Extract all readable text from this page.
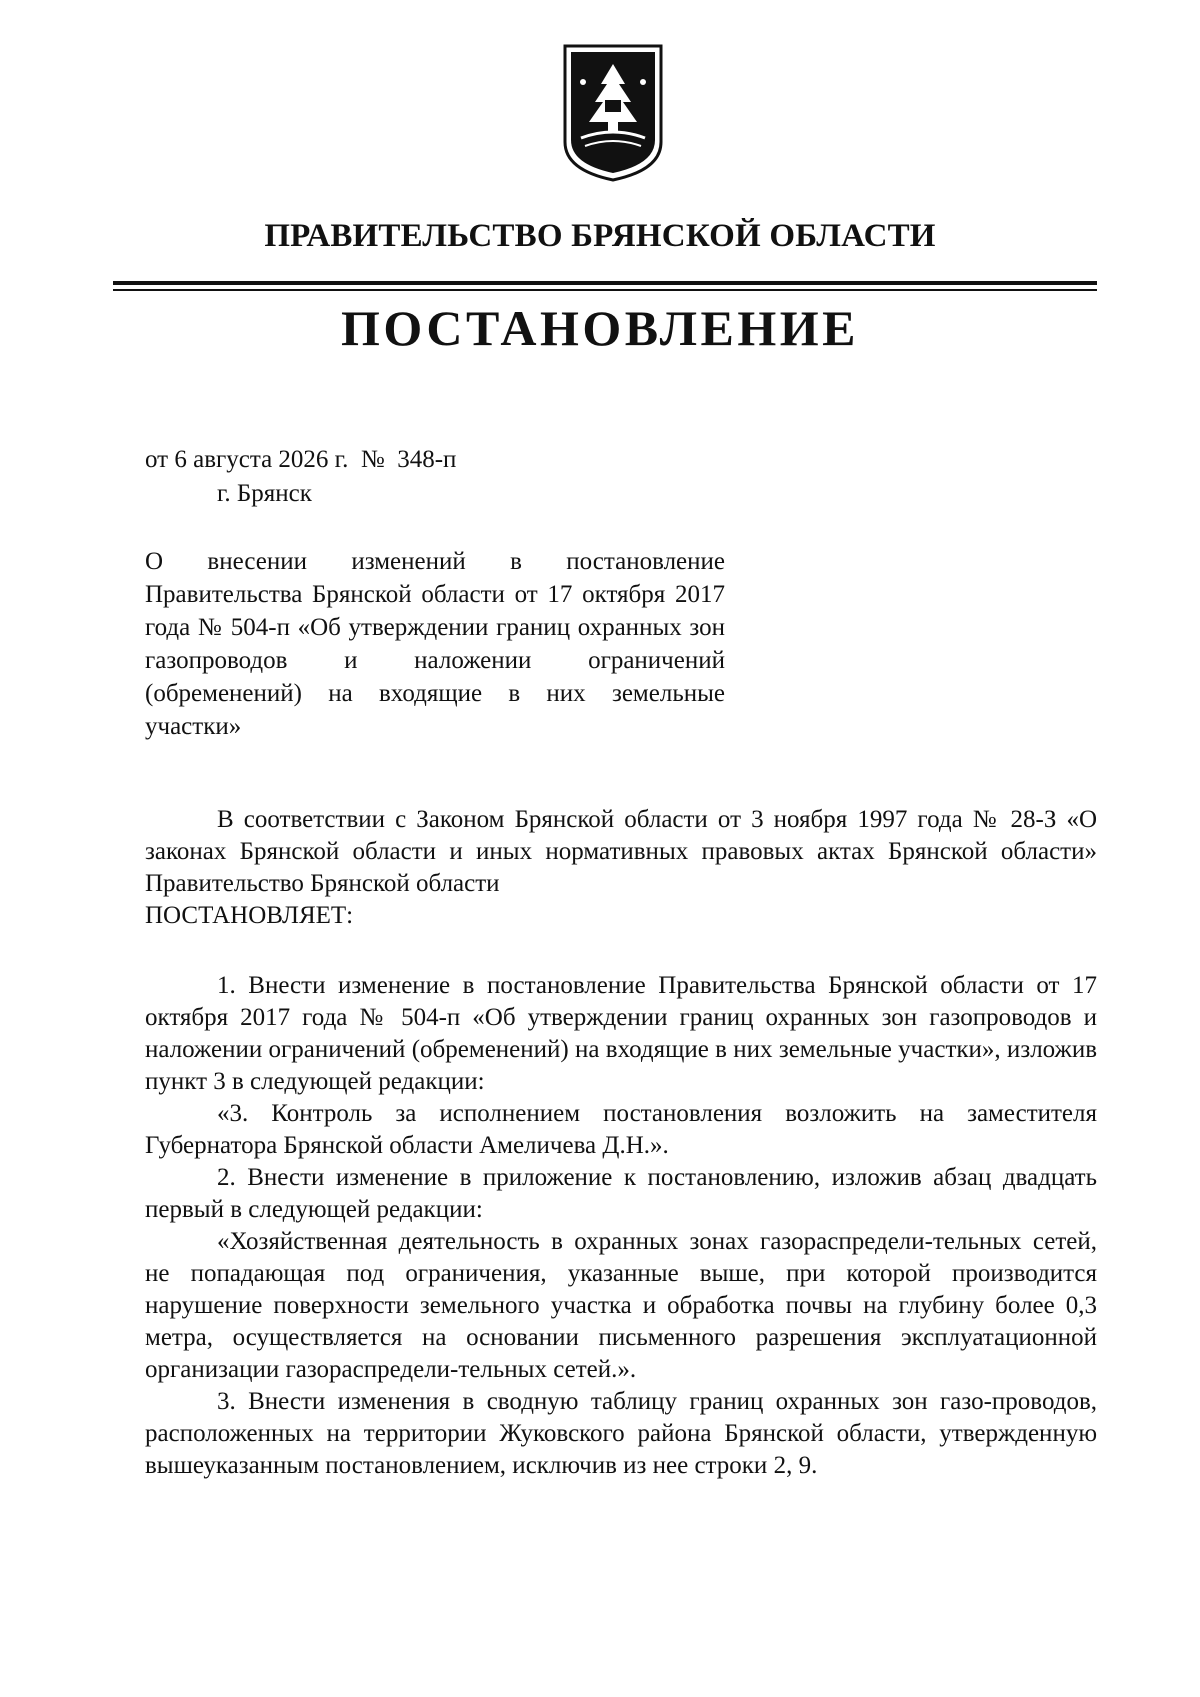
ПРАВИТЕЛЬСТВО БРЯНСКОЙ ОБЛАСТИ
ПОСТАНОВЛЕНИЕ
от 6 августа 2026 г.  №  348-п
г. Брянск
О внесении изменений в постановление Правительства Брянской области от 17 октября 2017 года № 504-п «Об утверждении границ охранных зон газопроводов и наложении ограничений (обременений) на входящие в них земельные участки»

В соответствии с Законом Брянской области от 3 ноября 1997 года № 28-З «О законах Брянской области и иных нормативных правовых актах Брянской области» Правительство Брянской области

ПОСТАНОВЛЯЕТ:

1. Внести изменение в постановление Правительства Брянской области от 17 октября 2017 года № 504-п «Об утверждении границ охранных зон газопроводов и наложении ограничений (обременений) на входящие в них земельные участки», изложив пункт 3 в следующей редакции:

«3. Контроль за исполнением постановления возложить на заместителя Губернатора Брянской области Амеличева Д.Н.».

2. Внести изменение в приложение к постановлению, изложив абзац двадцать первый в следующей редакции:

«Хозяйственная деятельность в охранных зонах газораспредели-тельных сетей, не попадающая под ограничения, указанные выше, при которой производится нарушение поверхности земельного участка и обработка почвы на глубину более 0,3 метра, осуществляется на основании письменного разрешения эксплуатационной организации газораспредели-тельных сетей.».

3. Внести изменения в сводную таблицу границ охранных зон газо-проводов, расположенных на территории Жуковского района Брянской области, утвержденную вышеуказанным постановлением, исключив из нее строки 2, 9.
